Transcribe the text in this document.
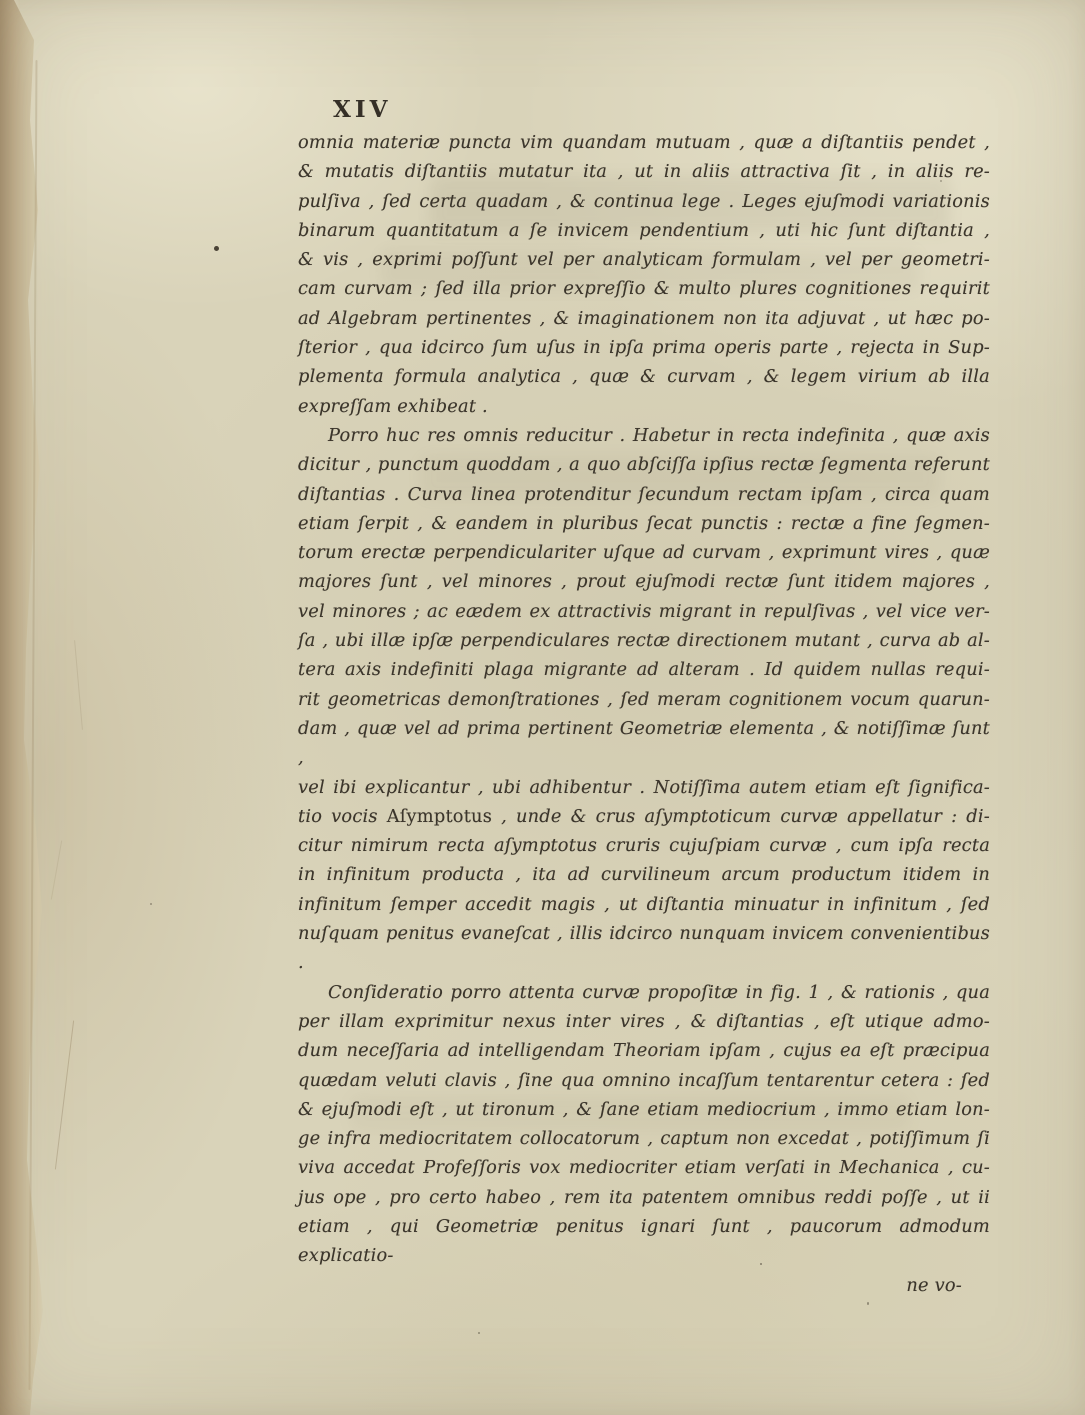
XIV
omnia materiæ puncta vim quandam mutuam , quæ a diſtantiis pendet ,
& mutatis diſtantiis mutatur ita , ut in aliis attractiva ſit , in aliis re-
pulſiva , ſed certa quadam , & continua lege . Leges ejuſmodi variationis
binarum quantitatum a ſe invicem pendentium , uti hic ſunt diſtantia ,
& vis , exprimi poſſunt vel per analyticam formulam , vel per geometri-
cam curvam ; ſed illa prior expreſſio & multo plures cognitiones requirit
ad Algebram pertinentes , & imaginationem non ita adjuvat , ut hæc po-
ſterior , qua idcirco ſum uſus in ipſa prima operis parte , rejecta in Sup-
plementa formula analytica , quæ & curvam , & legem virium ab illa
expreſſam exhibeat .
Porro huc res omnis reducitur . Habetur in recta indefinita , quæ axis
dicitur , punctum quoddam , a quo abſciſſa ipſius rectæ ſegmenta referunt
diſtantias . Curva linea protenditur ſecundum rectam ipſam , circa quam
etiam ſerpit , & eandem in pluribus ſecat punctis : rectæ a fine ſegmen-
torum erectæ perpendiculariter uſque ad curvam , exprimunt vires , quæ
majores ſunt , vel minores , prout ejuſmodi rectæ ſunt itidem majores ,
vel minores ; ac eædem ex attractivis migrant in repulſivas , vel vice ver-
ſa , ubi illæ ipſæ perpendiculares rectæ directionem mutant , curva ab al-
tera axis indefiniti plaga migrante ad alteram . Id quidem nullas requi-
rit geometricas demonſtrationes , ſed meram cognitionem vocum quarun-
dam , quæ vel ad prima pertinent Geometriæ elementa , & notiſſimæ ſunt ,
vel ibi explicantur , ubi adhibentur . Notiſſima autem etiam eſt ſignifica-
tio vocis Aſymptotus , unde & crus aſymptoticum curvæ appellatur : di-
citur nimirum recta aſymptotus cruris cujuſpiam curvæ , cum ipſa recta
in infinitum producta , ita ad curvilineum arcum productum itidem in
infinitum ſemper accedit magis , ut diſtantia minuatur in infinitum , ſed
nuſquam penitus evaneſcat , illis idcirco nunquam invicem convenientibus .
Conſideratio porro attenta curvæ propoſitæ in fig. 1 , & rationis , qua
per illam exprimitur nexus inter vires , & diſtantias , eſt utique admo-
dum neceſſaria ad intelligendam Theoriam ipſam , cujus ea eſt præcipua
quædam veluti clavis , ſine qua omnino incaſſum tentarentur cetera : ſed
& ejuſmodi eſt , ut tironum , & ſane etiam mediocrium , immo etiam lon-
ge infra mediocritatem collocatorum , captum non excedat , potiſſimum ſi
viva accedat Profeſſoris vox mediocriter etiam verſati in Mechanica , cu-
jus ope , pro certo habeo , rem ita patentem omnibus reddi poſſe , ut ii
etiam , qui Geometriæ penitus ignari ſunt , paucorum admodum explicatio-
ne vo-
